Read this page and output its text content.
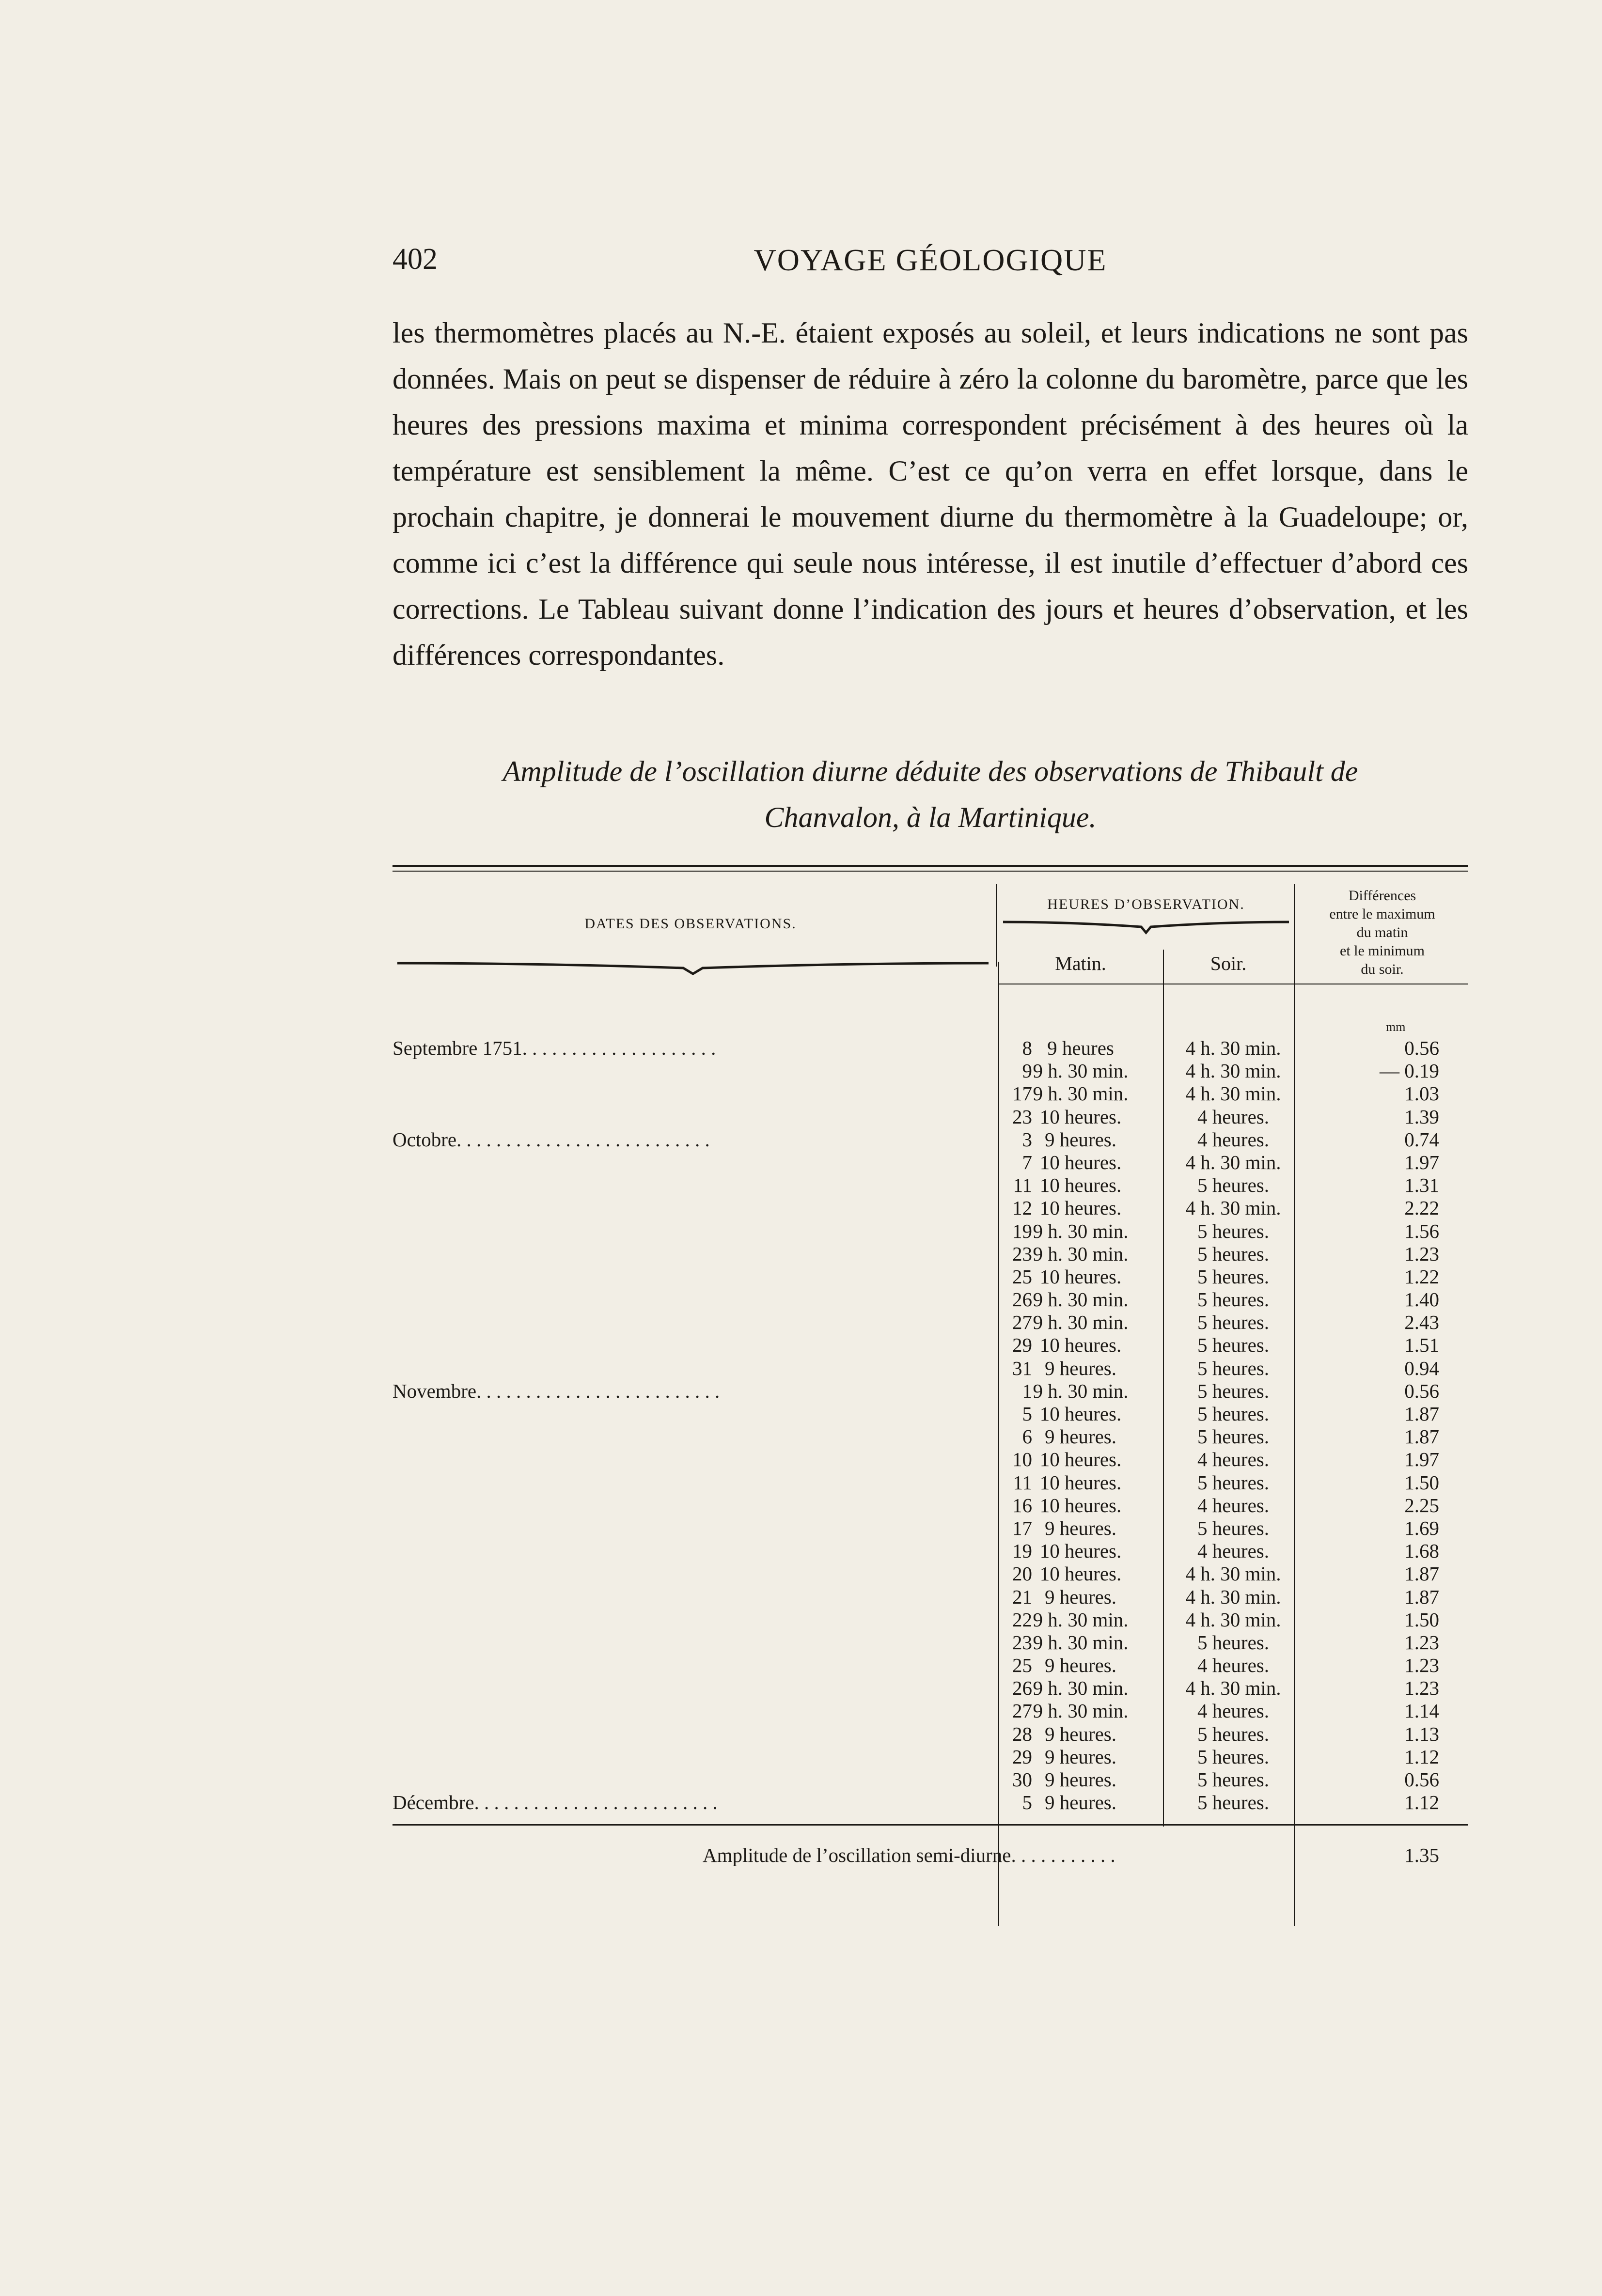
402	VOYAGE GÉOLOGIQUE

les thermomètres placés au N.-E. étaient exposés au soleil, et leurs indications ne sont pas données. Mais on peut se dispenser de réduire à zéro la colonne du baromètre, parce que les heures des pressions maxima et minima correspondent précisément à des heures où la température est sensiblement la même. C’est ce qu’on verra en effet lorsque, dans le prochain chapitre, je donnerai le mouvement diurne du thermomètre à la Guadeloupe; or, comme ici c’est la différence qui seule nous intéresse, il est inutile d’effectuer d’abord ces corrections. Le Tableau suivant donne l’indication des jours et heures d’observation, et les différences correspondantes.

Amplitude de l’oscillation diurne déduite des observations de Thibault de
Chanvalon, à la Martinique.
DATES DES OBSERVATIONS.
HEURES D’OBSERVATION.
Matin.	Soir.
Différences
entre le maximum
du matin
et le minimum
du soir.
mm
Septembre 1751. . . . . . . . . . . . . . . . . . . .	8 9 heures	4 h. 30 min.	0.56
9 9 h. 30 min.	4 h. 30 min.	— 0.19
17 9 h. 30 min.	4 h. 30 min.	1.03
23 10 heures.	4 heures.	1.39
Octobre. . . . . . . . . . . . . . . . . . . . . . . . . .	3 9 heures.	4 heures.	0.74
7 10 heures.	4 h. 30 min.	1.97
11 10 heures.	5 heures.	1.31
12 10 heures.	4 h. 30 min.	2.22
19 9 h. 30 min.	5 heures.	1.56
23 9 h. 30 min.	5 heures.	1.23
25 10 heures.	5 heures.	1.22
26 9 h. 30 min.	5 heures.	1.40
27 9 h. 30 min.	5 heures.	2.43
29 10 heures.	5 heures.	1.51
31 9 heures.	5 heures.	0.94
Novembre. . . . . . . . . . . . . . . . . . . . . . . . .	1 9 h. 30 min.	5 heures.	0.56
5 10 heures.	5 heures.	1.87
6 9 heures.	5 heures.	1.87
10 10 heures.	4 heures.	1.97
11 10 heures.	5 heures.	1.50
16 10 heures.	4 heures.	2.25
17 9 heures.	5 heures.	1.69
19 10 heures.	4 heures.	1.68
20 10 heures.	4 h. 30 min.	1.87
21 9 heures.	4 h. 30 min.	1.87
22 9 h. 30 min.	4 h. 30 min.	1.50
23 9 h. 30 min.	5 heures.	1.23
25 9 heures.	4 heures.	1.23
26 9 h. 30 min.	4 h. 30 min.	1.23
27 9 h. 30 min.	4 heures.	1.14
28 9 heures.	5 heures.	1.13
29 9 heures.	5 heures.	1.12
30 9 heures.	5 heures.	0.56
Décembre. . . . . . . . . . . . . . . . . . . . . . . . .	5 9 heures.	5 heures.	1.12
Amplitude de l’oscillation semi-diurne. . . . . . . . . . .	1.35
